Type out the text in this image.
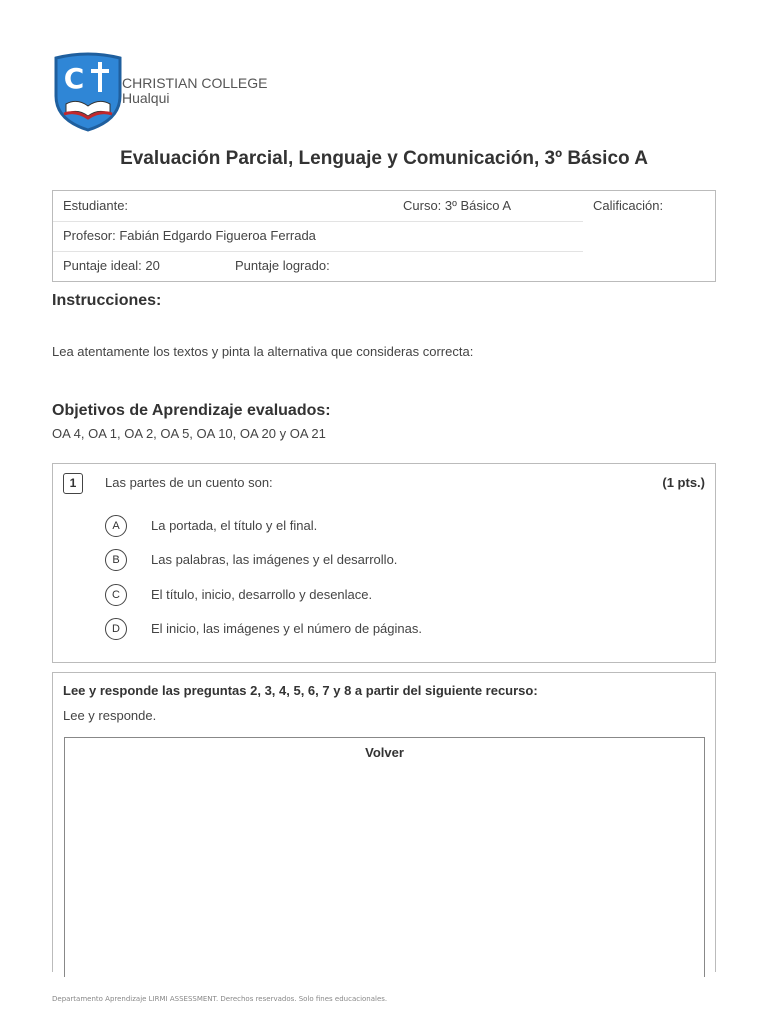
C	CHRISTIAN COLLEGE
Hualqui
Evaluación Parcial, Lenguaje y Comunicación, 3º Básico A
Estudiante:	Curso: 3º Básico A
Profesor: Fabián Edgardo Figueroa Ferrada
Puntaje ideal: 20	Puntaje logrado:
Calificación:
Instrucciones:
Lea atentamente los textos y pinta la alternativa que consideras correcta:
Objetivos de Aprendizaje evaluados:
OA 4, OA 1, OA 2, OA 5, OA 10, OA 20 y OA 21
1	Las partes de un cuento son:	(1 pts.)
A	La portada, el título y el final.
B	Las palabras, las imágenes y el desarrollo.
C	El título, inicio, desarrollo y desenlace.
D	El inicio, las imágenes y el número de páginas.
Lee y responde las preguntas 2, 3, 4, 5, 6, 7 y 8 a partir del siguiente recurso:
Lee y responde.
Volver
Departamento Aprendizaje LIRMI ASSESSMENT. Derechos reservados. Solo fines educacionales.
